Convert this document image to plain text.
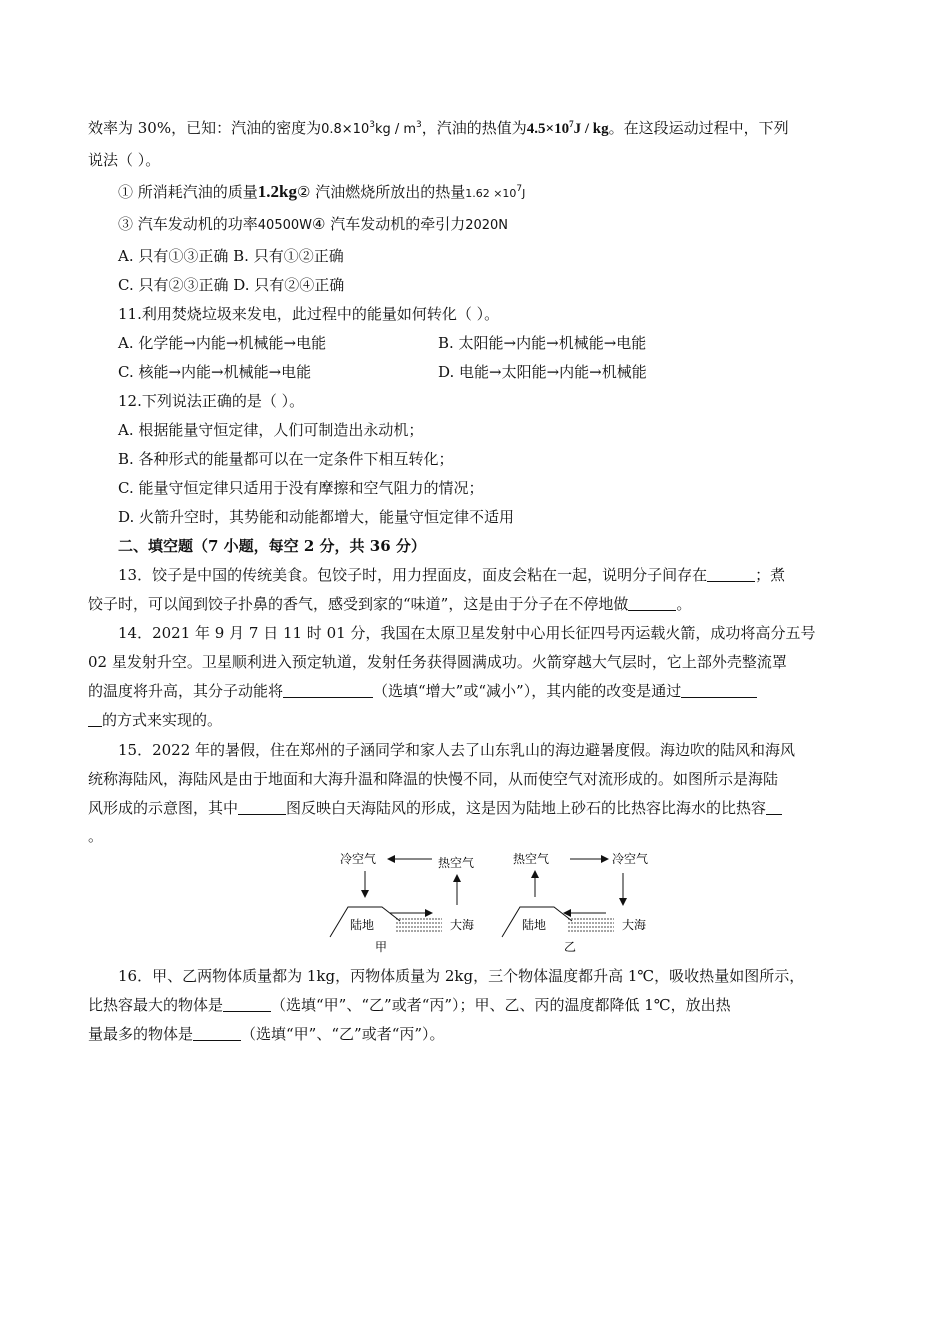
效率为 30%，已知：汽油的密度为$0.8\times 10^3kg / m^3$，汽油的热值为$4.5\times 10^7J$ / kg。在这段运动过程中，下列
说法（ ）。
① 所消耗汽油的质量1.2kg② 汽油燃烧所放出的热量$1.62 \times 10^7J$
③ 汽车发动机的功率40500W④ 汽车发动机的牵引力2020N
A. 只有①③正确 B. 只有①②正确
C. 只有②③正确 D. 只有②④正确
11.利用焚烧垃圾来发电，此过程中的能量如何转化（ ）。
A. 化学能→内能→机械能→电能	B. 太阳能→内能→机械能→电能
C. 核能→内能→机械能→电能	D. 电能→太阳能→内能→机械能
12.下列说法正确的是（ ）。
A. 根据能量守恒定律，人们可制造出永动机；
B. 各种形式的能量都可以在一定条件下相互转化；
C. 能量守恒定律只适用于没有摩擦和空气阻力的情况；
D. 火箭升空时，其势能和动能都增大，能量守恒定律不适用
二、填空题（7 小题，每空 2 分，共 36 分）
13．饺子是中国的传统美食。包饺子时，用力捏面皮，面皮会粘在一起，说明分子间存在	；煮
饺子时，可以闻到饺子扑鼻的香气，感受到家的“味道”，这是由于分子在不停地做	。
14．2021 年 9 月 7 日 11 时 01 分，我国在太原卫星发射中心用长征四号丙运载火箭，成功将高分五号
02 星发射升空。卫星顺利进入预定轨道，发射任务获得圆满成功。火箭穿越大气层时，它上部外壳整流罩
的温度将升高，其分子动能将	（选填“增大”或“减小”），其内能的改变是通过
的方式来实现的。
15．2022 年的暑假，住在郑州的子涵同学和家人去了山东乳山的海边避暑度假。海边吹的陆风和海风
统称海陆风，海陆风是由于地面和大海升温和降温的快慢不同，从而使空气对流形成的。如图所示是海陆
风形成的示意图，其中	图反映白天海陆风的形成，这是因为陆地上砂石的比热容比海水的比热容
。
冷空气	热空气
陆地	大海
甲
热空气	冷空气
陆地	大海
乙
16．甲、乙两物体质量都为 1kg，丙物体质量为 2kg，三个物体温度都升高 1℃，吸收热量如图所示，
比热容最大的物体是	（选填“甲”、“乙”或者“丙”）；甲、乙、丙的温度都降低 1℃，放出热
量最多的物体是	（选填“甲”、“乙”或者“丙”）。
